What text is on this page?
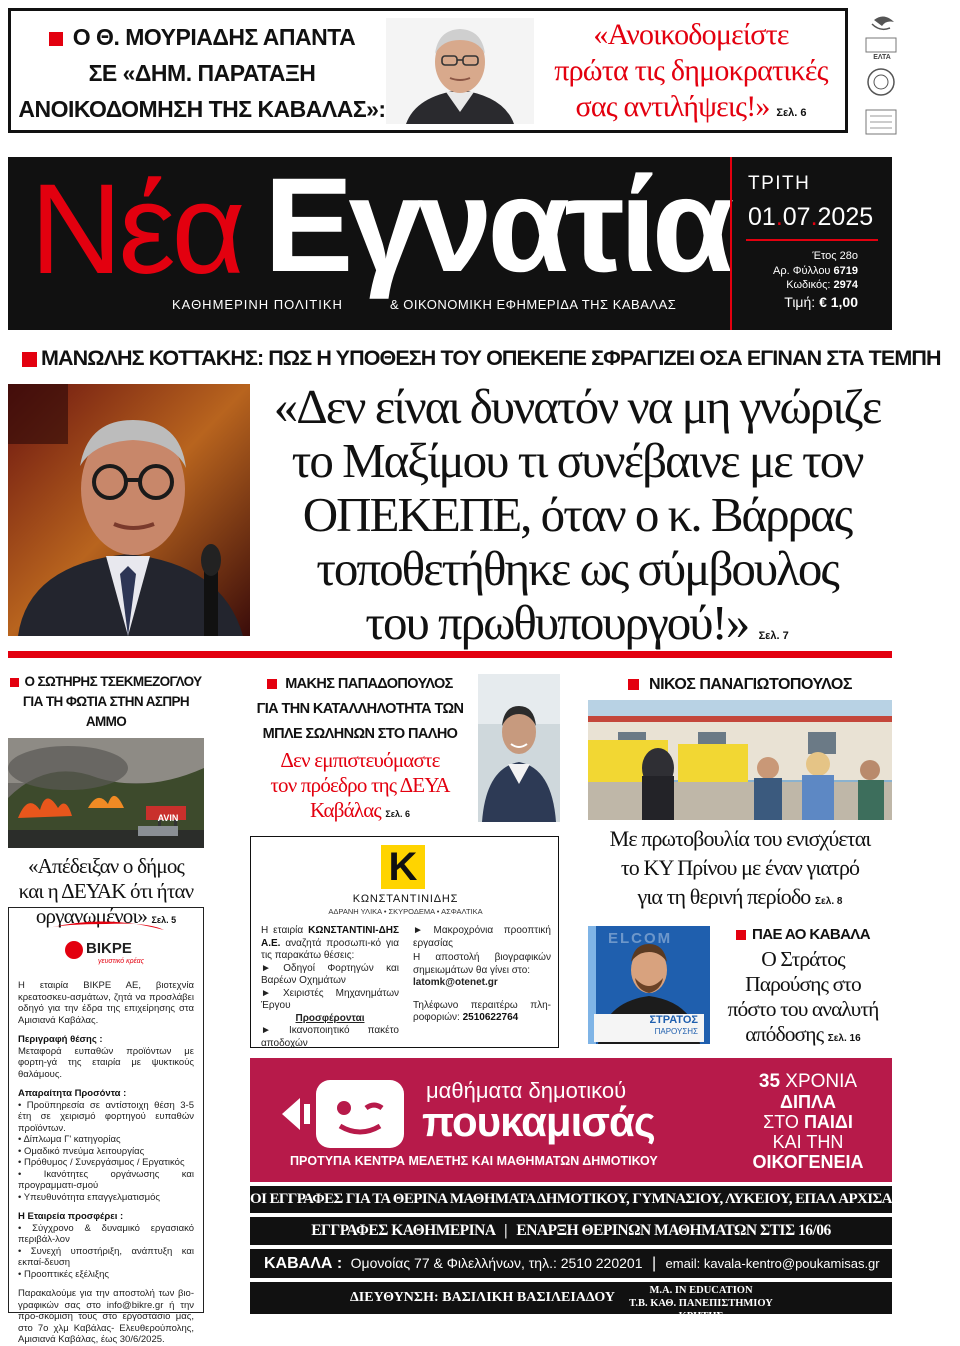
Ο Θ. ΜΟΥΡΙΑΔΗΣ ΑΠΑΝΤΑ
ΣΕ «ΔΗΜ. ΠΑΡΑΤΑΞΗ
ΑΝΟΙΚΟΔΟΜΗΣΗ ΤΗΣ ΚΑΒΑΛΑΣ»:
«Ανοικοδομείστε
πρώτα τις δημοκρατικές
σας αντιλήψεις!» Σελ. 6
ΕΛΤΑ
Νέα Εγνατία
ΚΑΘΗΜΕΡΙΝΗ ΠΟΛΙΤΙΚΗ	& ΟΙΚΟΝΟΜΙΚΗ ΕΦΗΜΕΡΙΔΑ ΤΗΣ ΚΑΒΑΛΑΣ
ΤΡΙΤΗ
01.07.2025
Έτος 28ο
Αρ. Φύλλου 6719
Κωδικός: 2974
Τιμή: € 1,00
ΜΑΝΩΛΗΣ ΚΟΤΤΑΚΗΣ: ΠΩΣ Η ΥΠΟΘΕΣΗ ΤΟΥ ΟΠΕΚΕΠΕ ΣΦΡΑΓΙΖΕΙ ΟΣΑ ΕΓΙΝΑΝ ΣΤΑ ΤΕΜΠΗ
«Δεν είναι δυνατόν να μη γνώριζε
το Μαξίμου τι συνέβαινε με τον
ΟΠΕΚΕΠΕ, όταν ο κ. Βάρρας
τοποθετήθηκε ως σύμβουλος
του πρωθυπουργού!» Σελ. 7
Ο ΣΩΤΗΡΗΣ ΤΣΕΚΜΕΖΟΓΛΟΥ
ΓΙΑ ΤΗ ΦΩΤΙΑ ΣΤΗΝ ΑΣΠΡΗ ΑΜΜΟ
AVIN
«Απέδειξαν ο δήμος
και η ΔΕΥΑΚ ότι ήταν
οργανωμένοι» Σελ. 5
ΜΑΚΗΣ ΠΑΠΑΔΟΠΟΥΛΟΣ
ΓΙΑ ΤΗΝ ΚΑΤΑΛΛΗΛΟΤΗΤΑ ΤΩΝ
ΜΠΛΕ ΣΩΛΗΝΩΝ ΣΤΟ ΠΑΛΗΟ
Δεν εμπιστευόμαστε
τον πρόεδρο της ΔΕΥΑ
Καβάλας Σελ. 6
K
ΚΩΝΣΤΑΝΤΙΝΙΔΗΣ
ΑΔΡΑΝΗ ΥΛΙΚΑ • ΣΚΥΡΟΔΕΜΑ • ΑΣΦΑΛΤΙΚΑ
Η εταιρία ΚΩΝΣΤΑΝΤΙΝΙ-ΔΗΣ Α.Ε. αναζητά προσωπι-κό για τις παρακάτω θέσεις:
► Οδηγοί Φορτηγών και Βαρέων Οχημάτων
► Χειριστές Μηχανημάτων Έργου
Προσφέρονται
► Ικανοποιητικό πακέτο αποδοχών
► Μακροχρόνια προοπτική εργασίας
Η αποστολή βιογραφικών σημειωμάτων θα γίνει στο:
latomk@otenet.gr
Τηλέφωνο περαιτέρω πλη-ροφοριών: 2510622764
ΝΙΚΟΣ ΠΑΝΑΓΙΩΤΟΠΟΥΛΟΣ
Με πρωτοβουλία του ενισχύεται
το ΚΥ Πρίνου με έναν γιατρό
για τη θερινή περίοδο Σελ. 8
ELCOM
ΣΤΡΑΤΟΣ
ΠΑΡΟΥΣΗΣ
ΠΑΕ ΑΟ ΚΑΒΑΛΑ
Ο Στράτος
Παρούσης στο
πόστο του αναλυτή
απόδοσης Σελ. 16
ΒΙΚΡΕ
γευστικό κρέας

Η εταιρία ΒΙΚΡΕ ΑΕ, βιοτεχνία κρεατοσκευ-ασμάτων, ζητά να προσλάβει οδηγό για την έδρα της επιχείρησης στα Αμισιανά Καβάλας.

Περιγραφή θέσης :

Μεταφορά ευπαθών προϊόντων με φορτη-γά της εταιρία με ψυκτικούς θαλάμους.

Απαραίτητα Προσόντα :
• Προϋπηρεσία σε αντίστοιχη θέση 3-5 έτη σε χειρισμό φορτηγού ευπαθών προϊόντων.
• Δίπλωμα Γ' κατηγορίας
• Ομαδικό πνεύμα λειτουργίας
• Πρόθυμος / Συνεργάσιμος / Εργατικός
• Ικανότητες οργάνωσης και προγραμματι-σμού

• Υπευθυνότητα επαγγελματισμός

Η Εταιρεία προσφέρει :
• Σύγχρονο & δυναμικό εργασιακό περιβάλ-λον
• Συνεχή υποστήριξη, ανάπτυξη και εκπαί-δευση

• Προοπτικές εξέλιξης

Παρακαλούμε για την αποστολή των βιο-γραφικών σας στο info@bikre.gr ή την προ-σκόμιση τους στο εργοστάσιο μας, στο 7ο χλμ Καβάλας- Ελευθερούπολης, Αμισιανά Καβάλας, έως 30/6/2025.

μαθήματα δημοτικού
πουκαμισάς
ΠΡΟΤΥΠΑ ΚΕΝΤΡΑ ΜΕΛΕΤΗΣ ΚΑΙ ΜΑΘΗΜΑΤΩΝ ΔΗΜΟΤΙΚΟΥ
35 ΧΡΟΝΙΑ
ΔΙΠΛΑ
ΣΤΟ ΠΑΙΔΙ
ΚΑΙ ΤΗΝ
ΟΙΚΟΓΕΝΕΙΑ
ΟΙ ΕΓΓΡΑΦΕΣ ΓΙΑ ΤΑ ΘΕΡΙΝΑ ΜΑΘΗΜΑΤΑ ΔΗΜΟΤΙΚΟΥ, ΓΥΜΝΑΣΙΟΥ, ΛΥΚΕΙΟΥ, ΕΠΑΛ ΑΡΧΙΣΑΝ
ΕΓΓΡΑΦΕΣ ΚΑΘΗΜΕΡΙΝΑ | ΕΝΑΡΞΗ ΘΕΡΙΝΩΝ ΜΑΘΗΜΑΤΩΝ ΣΤΙΣ 16/06
ΚΑΒΑΛΑ : Ομονοίας 77 & Φιλελλήνων, τηλ.: 2510 220201 | email: kavala-kentro@poukamisas.gr
ΔΙΕΥΘΥΝΣΗ: ΒΑΣΙΛΙΚΗ ΒΑΣΙΛΕΙΑΔΟΥ	Μ.Α. IN EDUCATION
Τ.Β. ΚΑΘ. ΠΑΝΕΠΙΣΤΗΜΙΟΥ ΚΡΗΤΗΣ
